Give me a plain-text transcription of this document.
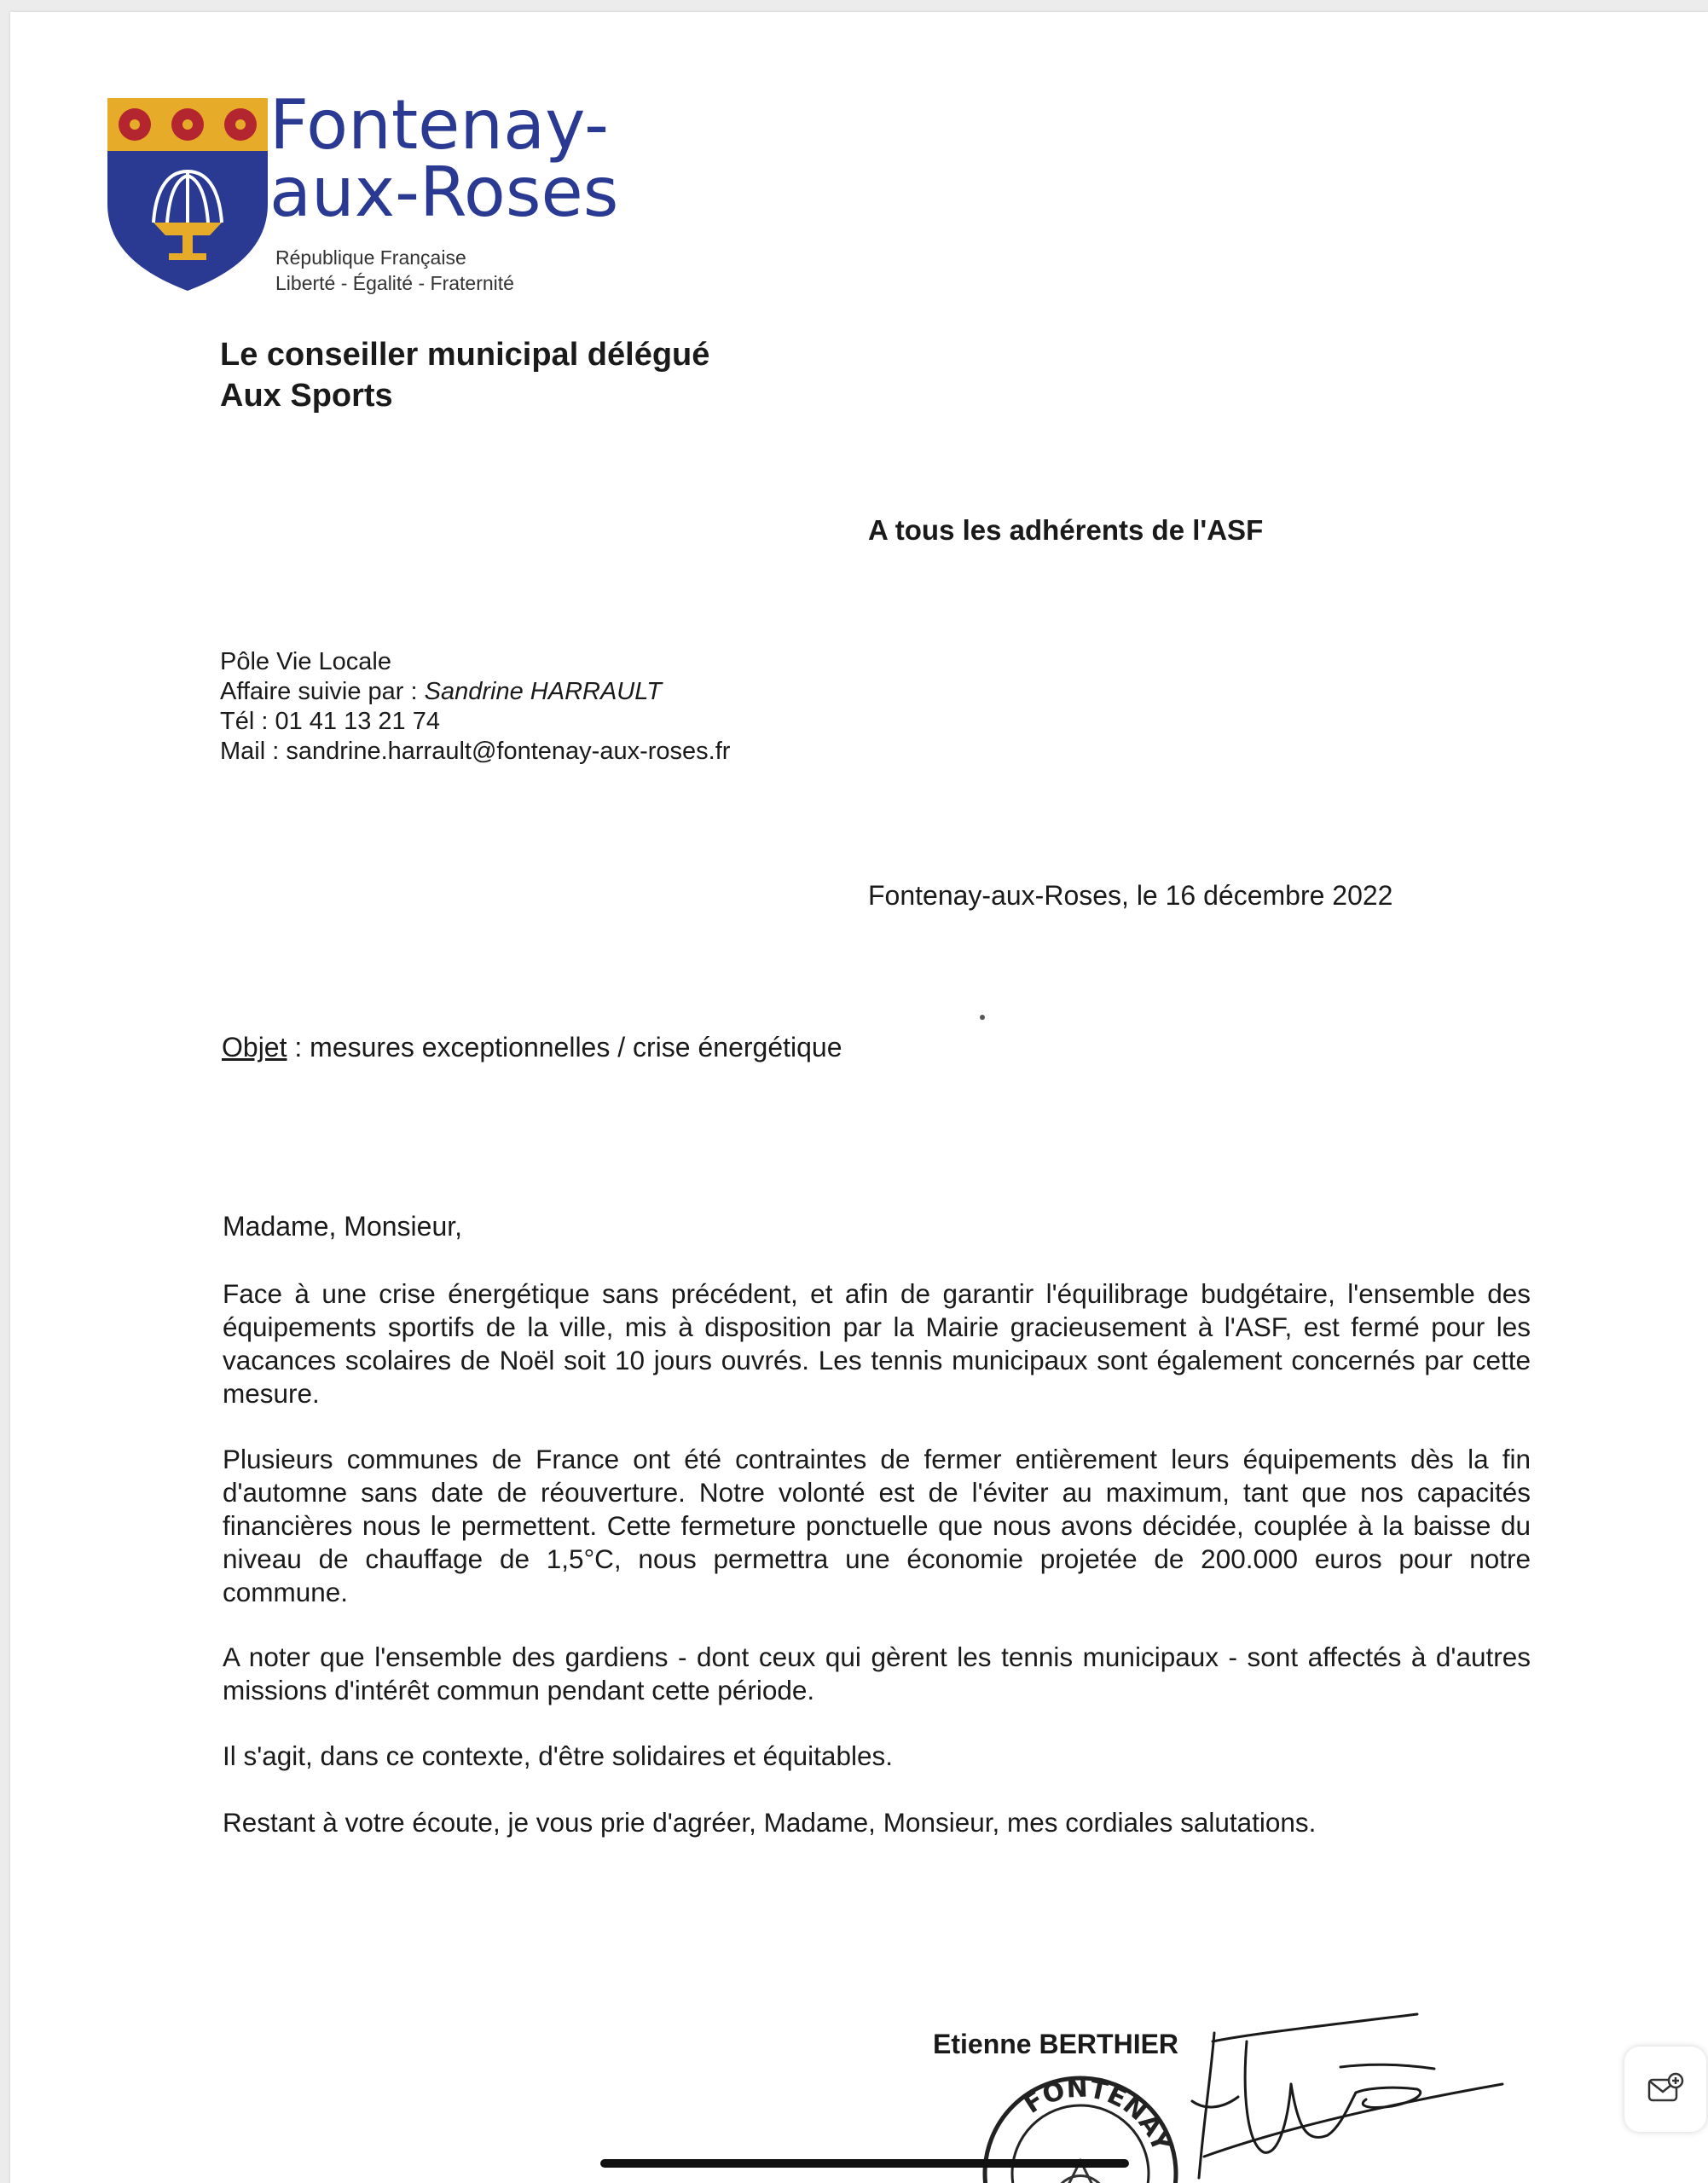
Fontenay-
aux-Roses
République Française
Liberté - Égalité - Fraternité
Le conseiller municipal délégué
Aux Sports
A tous les adhérents de l'ASF
Pôle Vie Locale
Affaire suivie par : Sandrine HARRAULT
Tél : 01 41 13 21 74
Mail : sandrine.harrault@fontenay-aux-roses.fr
Fontenay-aux-Roses, le 16 décembre 2022
Objet : mesures exceptionnelles / crise énergétique
Madame, Monsieur,
Face à une crise énergétique sans précédent, et afin de garantir l'équilibrage budgétaire, l'ensemble des équipements sportifs de la ville, mis à disposition par la Mairie gracieusement à l'ASF, est fermé pour les vacances scolaires de Noël soit 10 jours ouvrés. Les tennis municipaux sont également concernés par cette mesure.
Plusieurs communes de France ont été contraintes de fermer entièrement leurs équipements dès la fin d'automne sans date de réouverture. Notre volonté est de l'éviter au maximum, tant que nos capacités financières nous le permettent. Cette fermeture ponctuelle que nous avons décidée, couplée à la baisse du niveau de chauffage de 1,5°C, nous permettra une économie projetée de 200.000 euros pour notre commune.
A noter que l'ensemble des gardiens - dont ceux qui gèrent les tennis municipaux - sont affectés à d'autres missions d'intérêt commun pendant cette période.
Il s'agit, dans ce contexte, d'être solidaires et équitables.
Restant à votre écoute, je vous prie d'agréer, Madame, Monsieur, mes cordiales salutations.
Etienne BERTHIER
FONTENAY
